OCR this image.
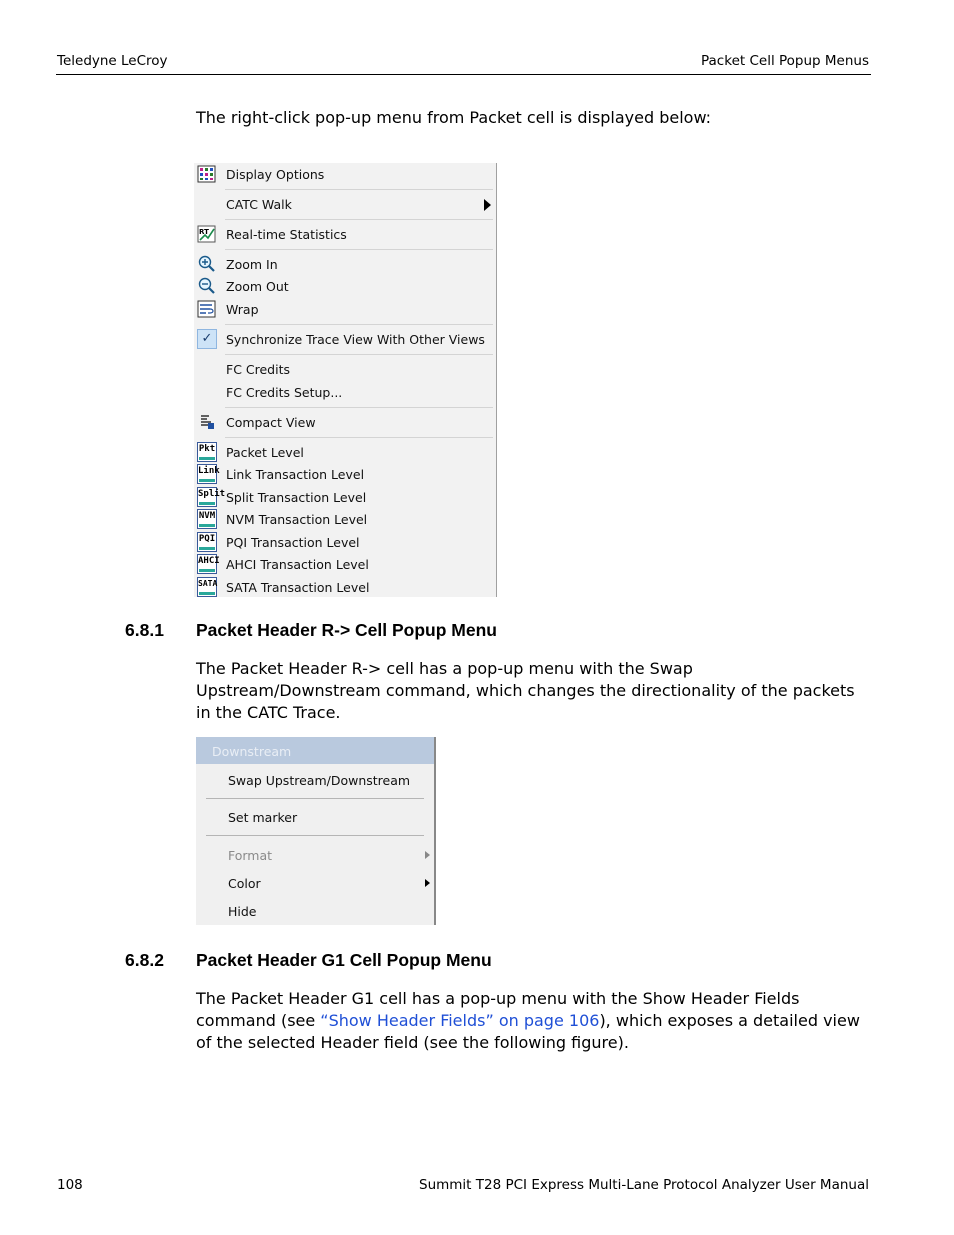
Teledyne LeCroy	Packet Cell Popup Menus
The right-click pop-up menu from Packet cell is displayed below:
Display Options
CATC Walk
RT Real-time Statistics
Zoom In
Zoom Out
Wrap
✓	Synchronize Trace View With Other Views
FC Credits
FC Credits Setup...
Compact View
Pkt Packet Level
Link Link Transaction Level
Split Split Transaction Level
NVM NVM Transaction Level
PQI PQI Transaction Level
AHCI AHCI Transaction Level
SATA SATA Transaction Level
6.8.1 Packet Header R-> Cell Popup Menu
The Packet Header R-> cell has a pop-up menu with the Swap Upstream/Downstream command, which changes the directionality of the packets in the CATC Trace.
Downstream
Swap Upstream/Downstream
Set marker
Format
Color
Hide
6.8.2 Packet Header G1 Cell Popup Menu
The Packet Header G1 cell has a pop-up menu with the Show Header Fields command (see “Show Header Fields” on page 106), which exposes a detailed view of the selected Header field (see the following figure).
108	Summit T28 PCI Express Multi-Lane Protocol Analyzer User Manual
